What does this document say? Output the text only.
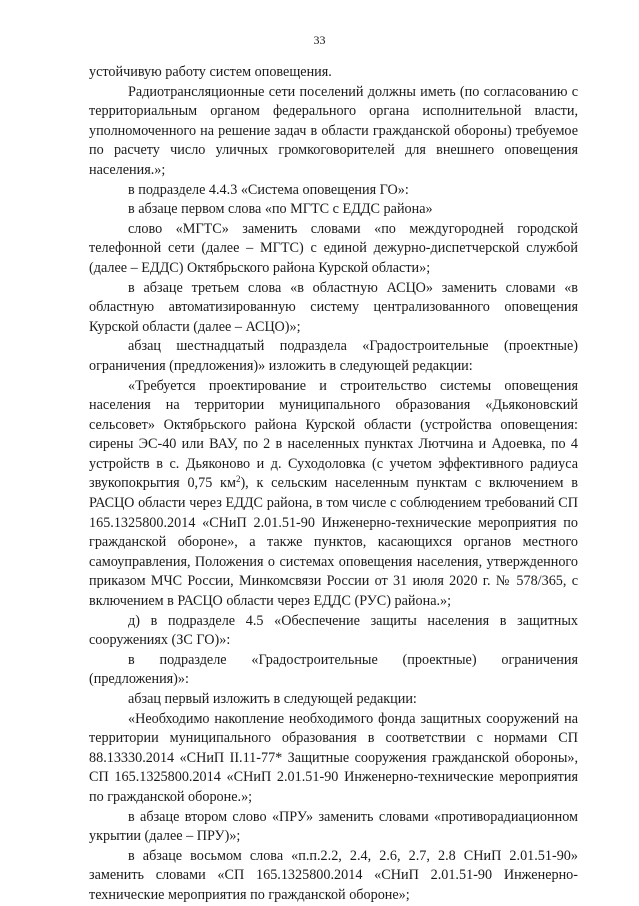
33

устойчивую работу систем оповещения.

Радиотрансляционные сети поселений должны иметь (по согласованию с территориальным органом федерального органа исполнительной власти, уполномоченного на решение задач в области гражданской обороны) требуемое по расчету число уличных громкоговорителей для внешнего оповещения населения.»;

в подразделе 4.4.3 «Система оповещения ГО»:

в абзаце первом слова «по МГТС с ЕДДС района»

слово «МГТС» заменить словами «по междугородней городской телефонной сети (далее – МГТС) с единой дежурно-диспетчерской службой (далее – ЕДДС) Октябрьского района Курской области»;

в абзаце третьем слова «в областную АСЦО» заменить словами «в областную автоматизированную систему централизованного оповещения Курской области (далее – АСЦО)»;

абзац шестнадцатый подраздела «Градостроительные (проектные) ограничения (предложения)» изложить в следующей редакции:

«Требуется проектирование и строительство системы оповещения населения на территории муниципального образования «Дьяконовский сельсовет» Октябрьского района Курской области (устройства оповещения: сирены ЭС-40 или ВАУ, по 2 в населенных пунктах Лютчина и Адоевка, по 4 устройств в с. Дьяконово и д. Суходоловка (с учетом эффективного радиуса звукопокрытия 0,75 $км^2$), к сельским населенным пунктам с включением в РАСЦО области через ЕДДС района, в том числе с соблюдением требований СП 165.1325800.2014 «СНиП 2.01.51-90 Инженерно-технические мероприятия по гражданской обороне», а также пунктов, касающихся органов местного самоуправления, Положения о системах оповещения населения, утвержденного приказом МЧС России, Минкомсвязи России от 31 июля 2020 г. № 578/365, с включением в РАСЦО области через ЕДДС (РУС) района.»;

д) в подразделе 4.5 «Обеспечение защиты населения в защитных сооружениях (ЗС ГО)»:

в подразделе «Градостроительные (проектные) ограничения (предложения)»:

абзац первый изложить в следующей редакции:

«Необходимо накопление необходимого фонда защитных сооружений на территории муниципального образования в соответствии с нормами СП 88.13330.2014 «СНиП II.11-77* Защитные сооружения гражданской обороны», СП 165.1325800.2014 «СНиП 2.01.51-90 Инженерно-технические мероприятия по гражданской обороне.»;

в абзаце втором слово «ПРУ» заменить словами «противорадиационном укрытии (далее – ПРУ)»;

в абзаце восьмом слова «п.п.2.2, 2.4, 2.6, 2.7, 2.8 СНиП 2.01.51-90» заменить словами «СП 165.1325800.2014 «СНиП 2.01.51-90 Инженерно-технические мероприятия по гражданской обороне»;
